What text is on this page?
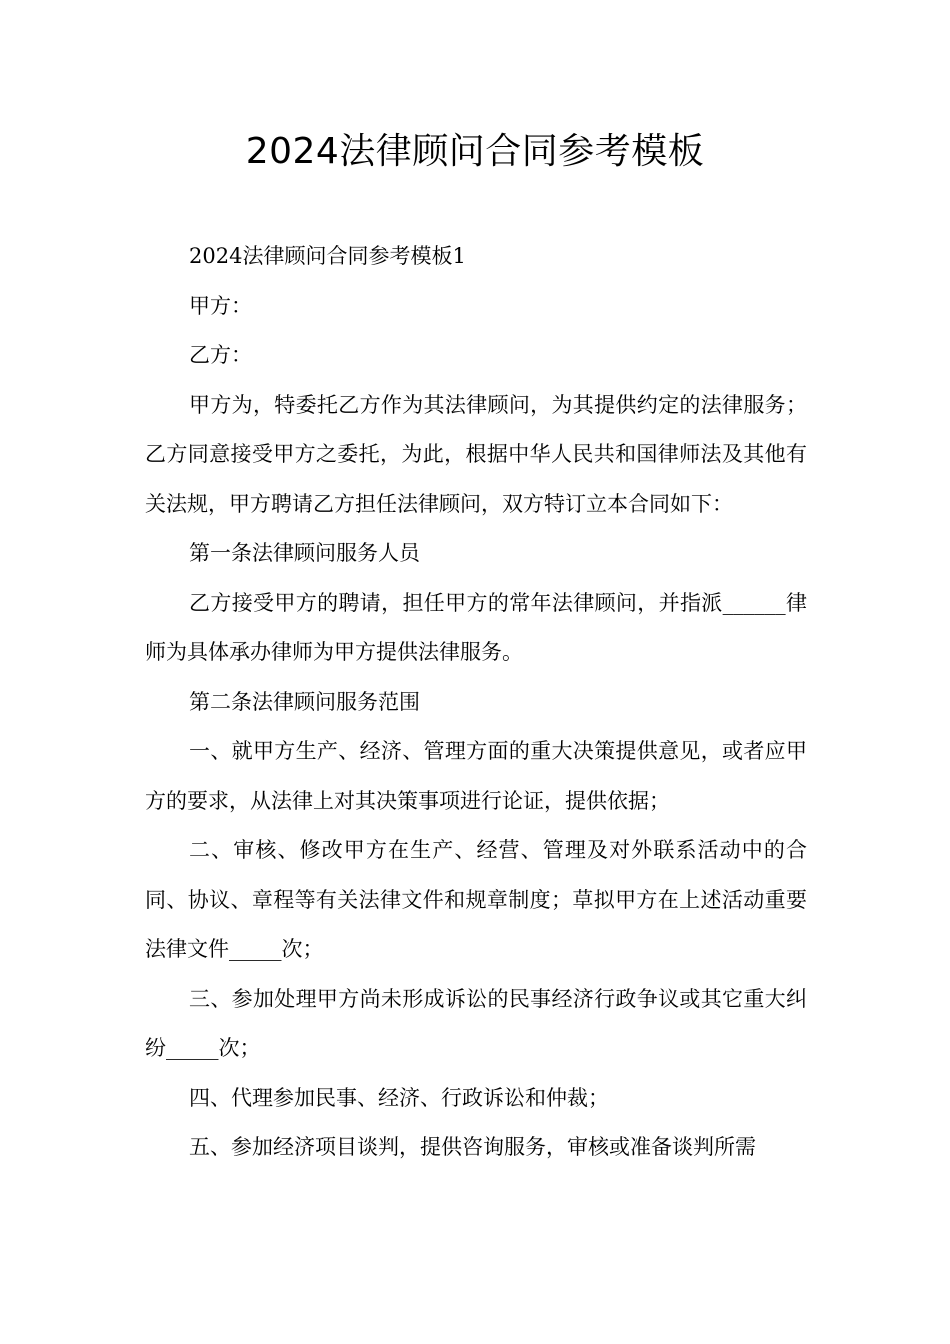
2024法律顾问合同参考模板

2024法律顾问合同参考模板1

甲方：

乙方：

甲方为，特委托乙方作为其法律顾问，为其提供约定的法律服务；乙方同意接受甲方之委托，为此，根据中华人民共和国律师法及其他有关法规，甲方聘请乙方担任法律顾问，双方特订立本合同如下：

第一条法律顾问服务人员

乙方接受甲方的聘请，担任甲方的常年法律顾问，并指派______律师为具体承办律师为甲方提供法律服务。

第二条法律顾问服务范围

一、就甲方生产、经济、管理方面的重大决策提供意见，或者应甲方的要求，从法律上对其决策事项进行论证，提供依据；

二、审核、修改甲方在生产、经营、管理及对外联系活动中的合同、协议、章程等有关法律文件和规章制度；草拟甲方在上述活动重要法律文件_____次；

三、参加处理甲方尚未形成诉讼的民事经济行政争议或其它重大纠纷_____次；

四、代理参加民事、经济、行政诉讼和仲裁；

五、参加经济项目谈判，提供咨询服务，审核或准备谈判所需
